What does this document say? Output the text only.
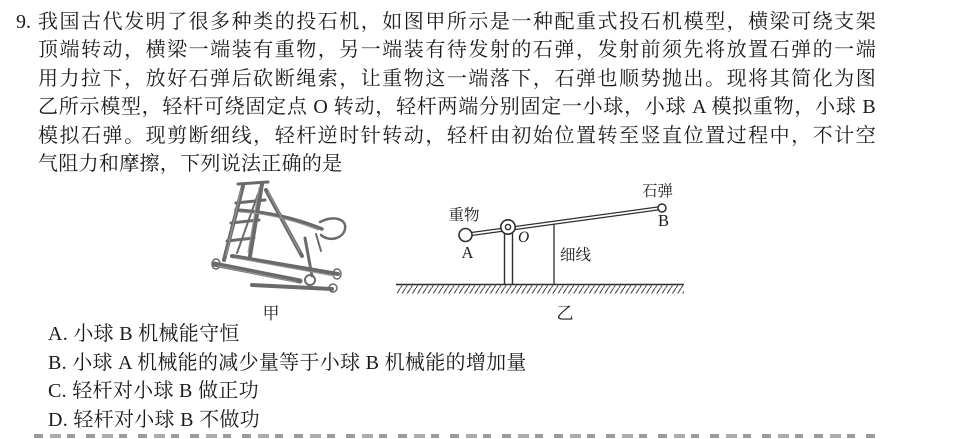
9. 我国古代发明了很多种类的投石机，如图甲所示是一种配重式投石机模型，横梁可绕支架
顶端转动，横梁一端装有重物，另一端装有待发射的石弹，发射前须先将放置石弹的一端
用力拉下，放好石弹后砍断绳索，让重物这一端落下，石弹也顺势抛出。现将其简化为图
乙所示模型，轻杆可绕固定点 O 转动，轻杆两端分别固定一小球，小球 A 模拟重物，小球 B
模拟石弹。现剪断细线，轻杆逆时针转动，轻杆由初始位置转至竖直位置过程中，不计空
气阻力和摩擦，下列说法正确的是
甲
重物
A
O
细线
石弹
B
乙
A. 小球 B 机械能守恒
B. 小球 A 机械能的减少量等于小球 B 机械能的增加量
C. 轻杆对小球 B 做正功
D. 轻杆对小球 B 不做功
